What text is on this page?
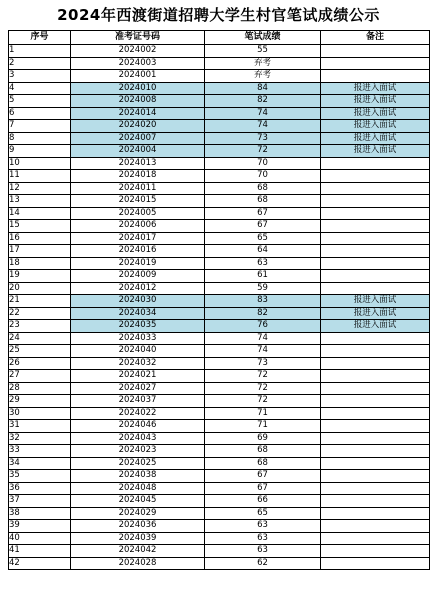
2024年西渡街道招聘大学生村官笔试成绩公示
序号	准考证号码	笔试成绩	备注
1	2024002	55	
2	2024003	弃考	
3	2024001	弃考	
4	2024010	84	报进入面试
5	2024008	82	报进入面试
6	2024014	74	报进入面试
7	2024020	74	报进入面试
8	2024007	73	报进入面试
9	2024004	72	报进入面试
10	2024013	70	
11	2024018	70	
12	2024011	68	
13	2024015	68	
14	2024005	67	
15	2024006	67	
16	2024017	65	
17	2024016	64	
18	2024019	63	
19	2024009	61	
20	2024012	59	
21	2024030	83	报进入面试
22	2024034	82	报进入面试
23	2024035	76	报进入面试
24	2024033	74	
25	2024040	74	
26	2024032	73	
27	2024021	72	
28	2024027	72	
29	2024037	72	
30	2024022	71	
31	2024046	71	
32	2024043	69	
33	2024023	68	
34	2024025	68	
35	2024038	67	
36	2024048	67	
37	2024045	66	
38	2024029	65	
39	2024036	63	
40	2024039	63	
41	2024042	63	
42	2024028	62	
